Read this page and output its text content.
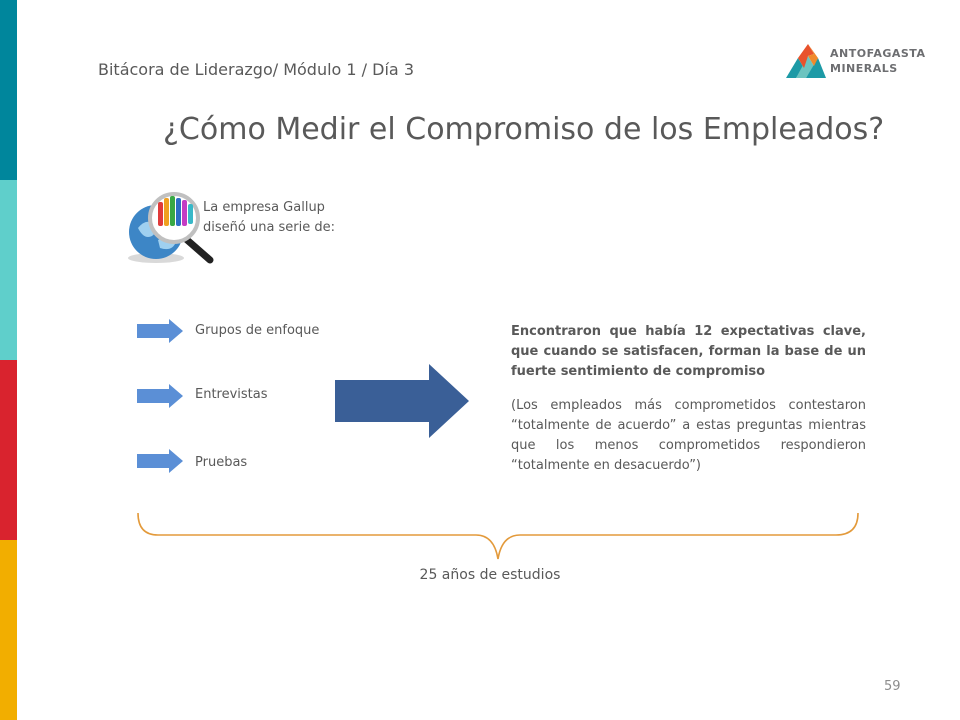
Bitácora de Liderazgo/ Módulo 1 / Día 3
ANTOFAGASTA
MINERALS
¿Cómo Medir el Compromiso de los Empleados?
La empresa Gallup
diseñó una serie de:
Grupos de enfoque
Entrevistas
Pruebas

Encontraron que había 12 expectativas clave, que cuando se satisfacen, forman la base de un fuerte sentimiento de compromiso

(Los empleados más comprometidos contestaron “totalmente de acuerdo” a estas preguntas mientras que los menos comprometidos respondieron “totalmente en desacuerdo”)

25 años de estudios
59
